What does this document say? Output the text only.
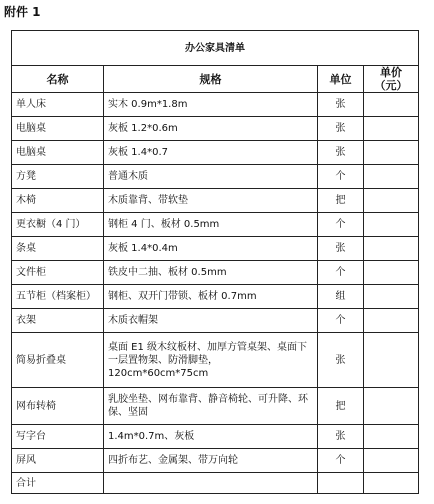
附件 1
办公家具清单			
名称	规格	单位	单价（元）
单人床	实木 0.9m*1.8m	张	
电脑桌	灰板 1.2*0.6m	张	
电脑桌	灰板 1.4*0.7	张	
方凳	普通木质	个	
木椅	木质靠背、带软垫	把	
更衣橱（4 门）	钢柜 4 门、板材 0.5mm	个	
条桌	灰板 1.4*0.4m	张	
文件柜	铁皮中二抽、板材 0.5mm	个	
五节柜（档案柜）	钢柜、双开门带锁、板材 0.7mm	组	
衣架	木质衣帽架	个	
简易折叠桌	桌面 E1 级木纹板材、加厚方管桌架、桌面下一层置物架、防滑脚垫，120cm*60cm*75cm	张	
网布转椅	乳胶坐垫、网布靠背、静音椅轮、可升降、环保、坚固	把	
写字台	1.4m*0.7m、灰板	张	
屏风	四折布艺、金属架、带万向轮	个	
合计			
